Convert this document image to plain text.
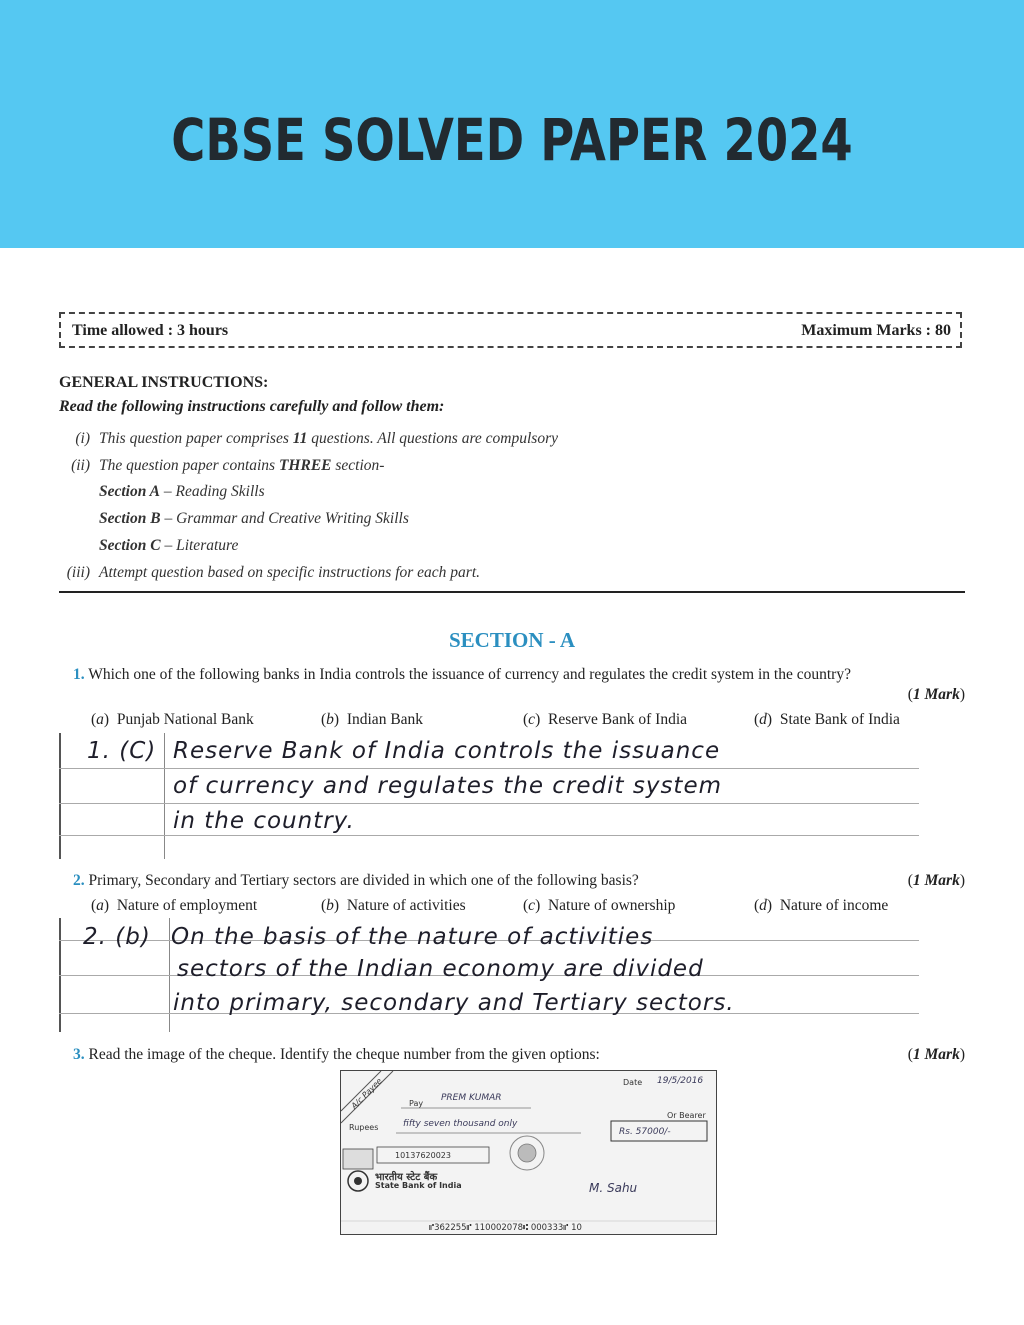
CBSE SOLVED PAPER 2024
Time allowed : 3 hours	Maximum Marks : 80
GENERAL INSTRUCTIONS:
Read the following instructions carefully and follow them:
(i) This question paper comprises 11 questions. All questions are compulsory
(ii) The question paper contains THREE section-
Section A – Reading Skills
Section B – Grammar and Creative Writing Skills
Section C – Literature
(iii) Attempt question based on specific instructions for each part.
SECTION - A
1. Which one of the following banks in India controls the issuance of currency and regulates the credit system in the country?
(1 Mark)
(a)  Punjab National Bank	(b)  Indian Bank	(c)  Reserve Bank of India	(d)  State Bank of India
1. (C) Reserve Bank of India controls the issuance
of currency and regulates the credit system
in the country.
2. Primary, Secondary and Tertiary sectors are divided in which one of the following basis?	(1 Mark)
(a)  Nature of employment	(b)  Nature of activities	(c)  Nature of ownership	(d)  Nature of income
2. (b) On the basis of the nature of activities
sectors of the Indian economy are divided
into primary, secondary and Tertiary sectors.
3. Read the image of the cheque. Identify the cheque number from the given options:	(1 Mark)
A/c Payee	Date 19/5/2016
Pay
PREM KUMAR
Or Bearer
Rupees	fifty seven thousand only
Rs. 57000/-
10137620023
भारतीय स्टेट बैंक
State Bank of India	M. Sahu
⑈362255⑈ 110002078⑆ 000333⑈ 10
